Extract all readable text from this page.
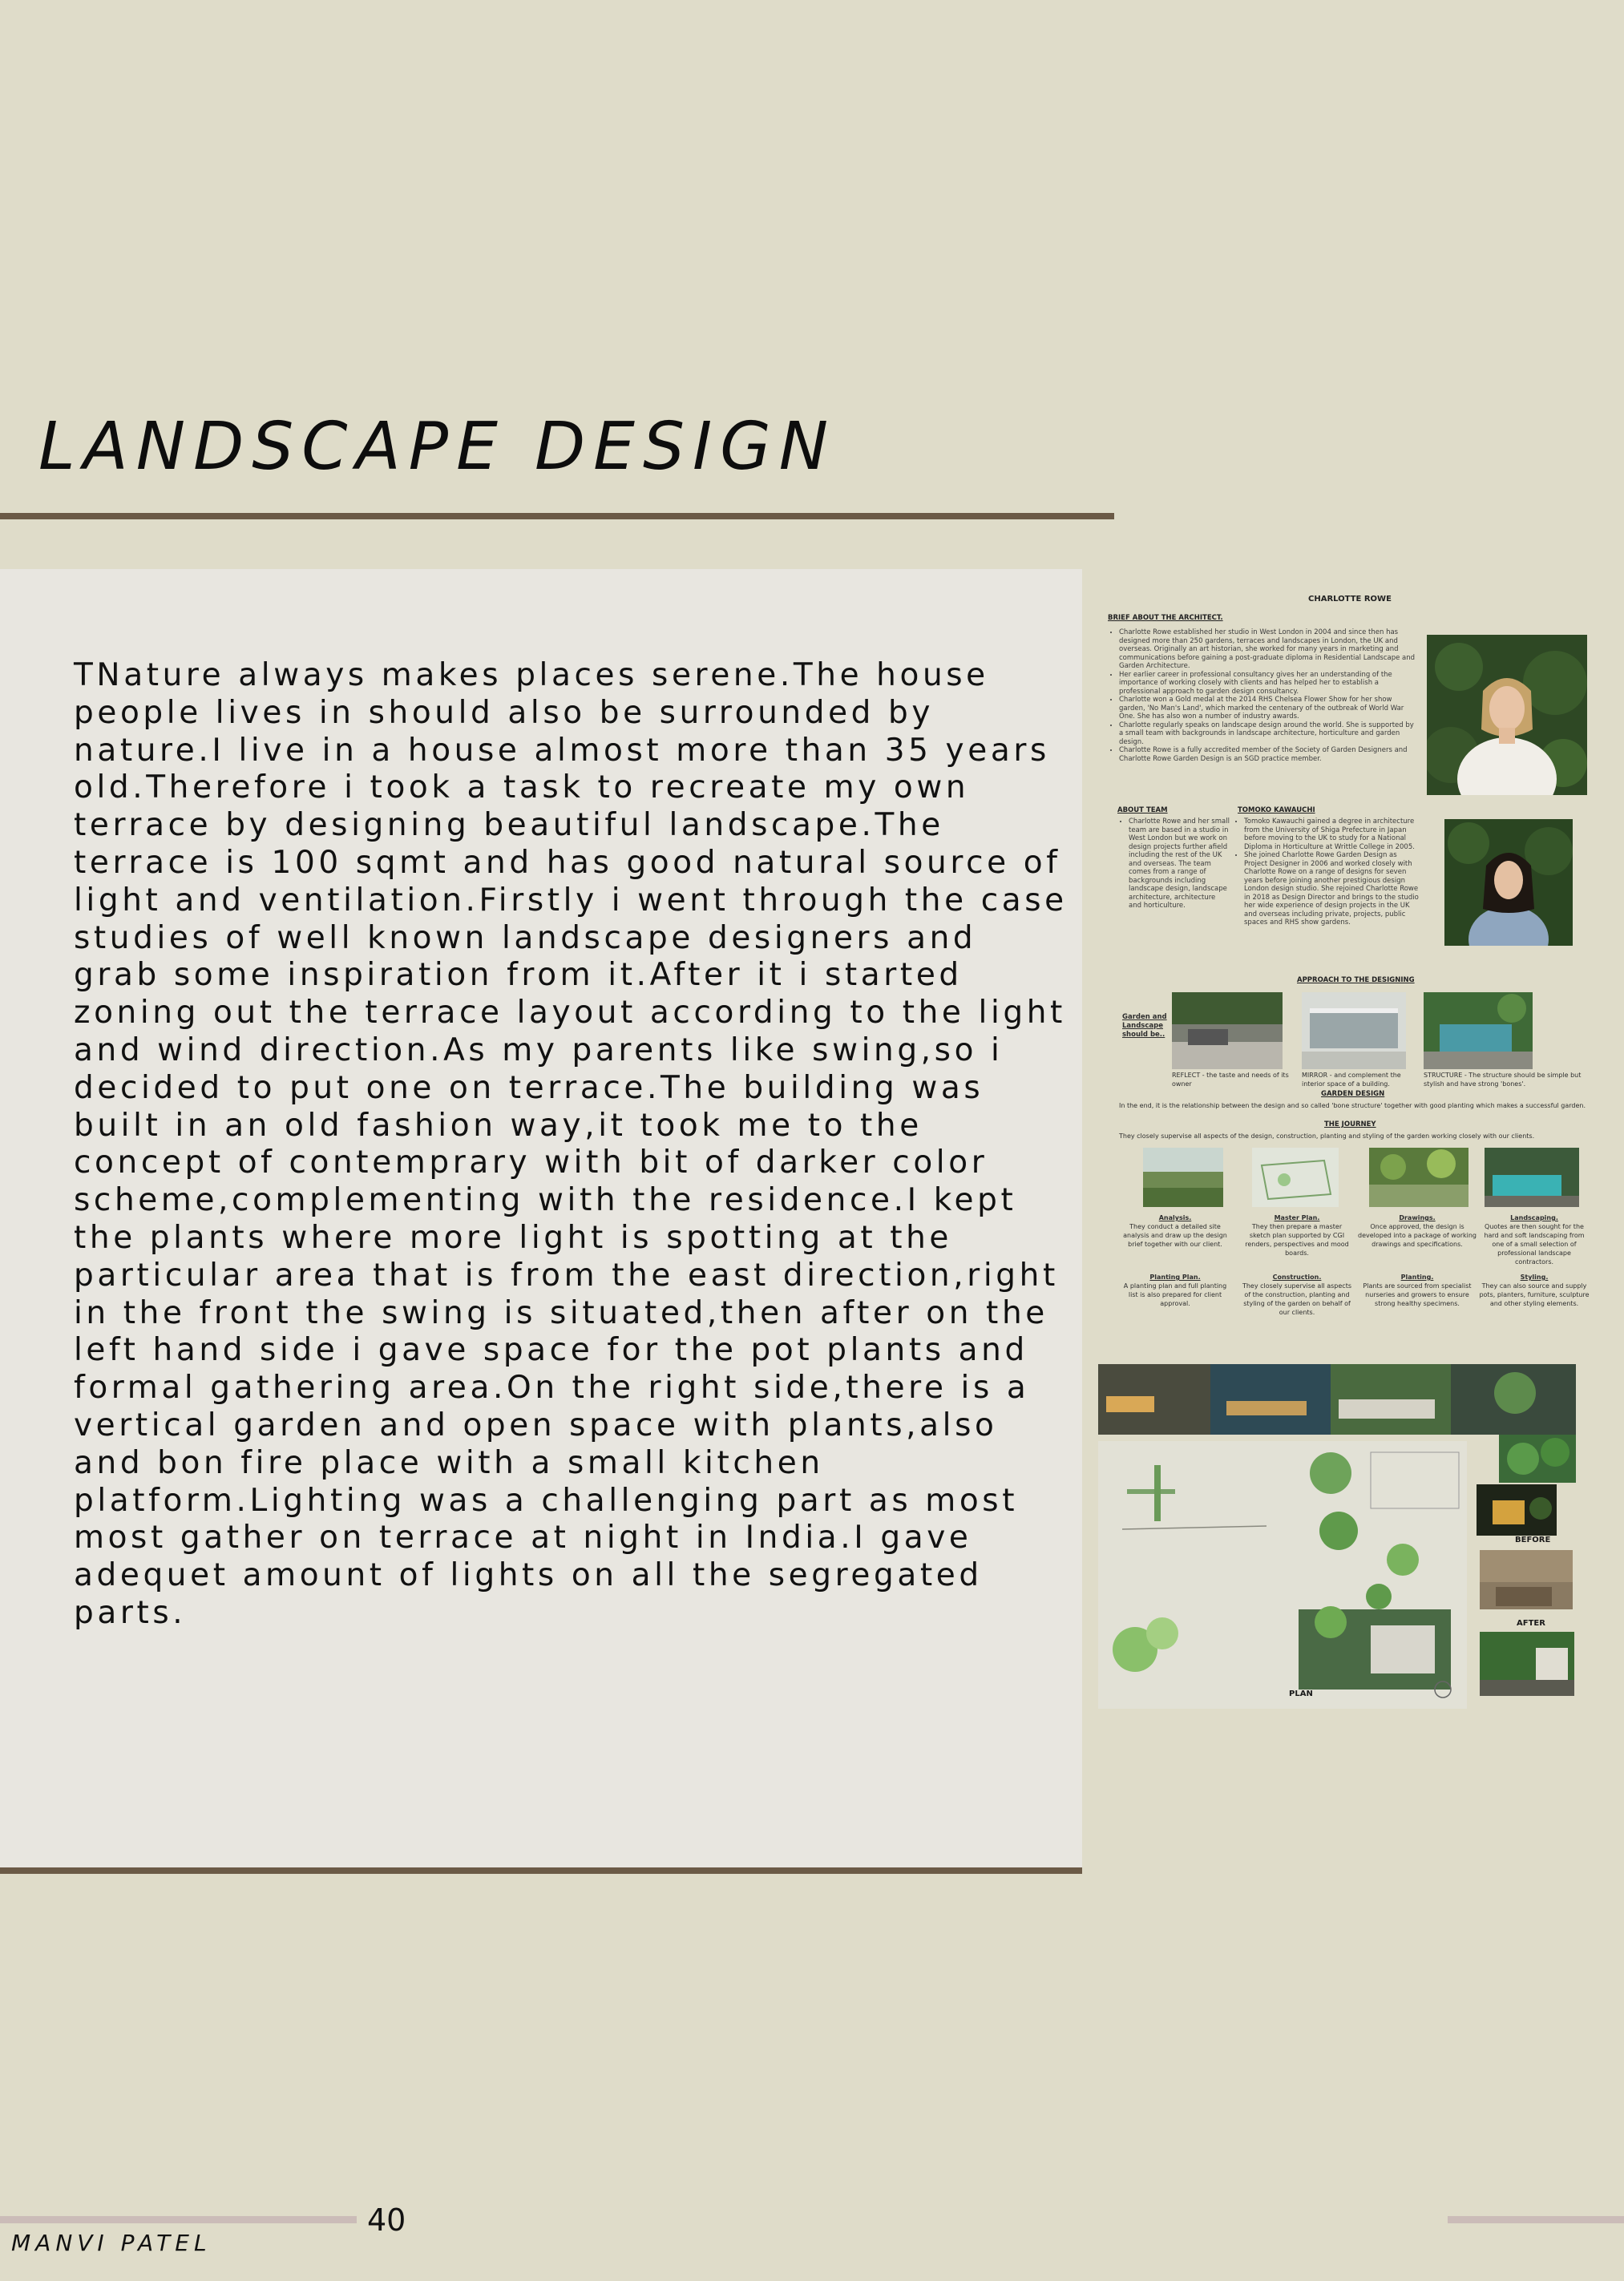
LANDSCAPE DESIGN

TNature always makes places serene.The house people lives in should also be surrounded by nature.I live in a house almost more than 35 years old.Therefore i took a task to recreate my own terrace by designing beautiful landscape.The terrace is 100 sqmt and has good natural source of light and ventilation.Firstly i went through the case studies of well known landscape designers and grab some inspiration from it.After it i started zoning out the terrace layout according to the light and wind direction.As my parents like swing,so i decided to put one on terrace.The building was built in an old fashion way,it took me to the concept of contemprary with bit of darker color scheme,complementing with the residence.I kept the plants where more light is spotting at the particular area that is from the east direction,right in the front the swing is situated,then after on the left hand side i gave space for the pot plants and formal gathering area.On the right side,there is a vertical garden and open space with plants,also and bon fire place with a small kitchen platform.Lighting was a challenging part as most most gather on terrace at night in India.I gave adequet amount of lights on all the segregated parts.

CHARLOTTE ROWE

BRIEF ABOUT THE ARCHITECT.

• Charlotte Rowe established her studio in West London in 2004 and since then has designed more than 250 gardens, terraces and landscapes in London, the UK and overseas. Originally an art historian, she worked for many years in marketing and communications before gaining a post-graduate diploma in Residential Landscape and Garden Architecture.
• Her earlier career in professional consultancy gives her an understanding of the importance of working closely with clients and has helped her to establish a professional approach to garden design consultancy.
• Charlotte won a Gold medal at the 2014 RHS Chelsea Flower Show for her show garden, 'No Man's Land', which marked the centenary of the outbreak of World War One. She has also won a number of industry awards.
• Charlotte regularly speaks on landscape design around the world. She is supported by a small team with backgrounds in landscape architecture, horticulture and garden design.
• Charlotte Rowe is a fully accredited member of the Society of Garden Designers and Charlotte Rowe Garden Design is an SGD practice member.

ABOUT TEAM

• Charlotte Rowe and her small team are based in a studio in West London but we work on design projects further afield including the rest of the UK and overseas. The team comes from a range of backgrounds including landscape design, landscape architecture, architecture and horticulture.

TOMOKO KAWAUCHI

• Tomoko Kawauchi gained a degree in architecture from the University of Shiga Prefecture in Japan before moving to the UK to study for a National Diploma in Horticulture at Writtle College in 2005.
• She joined Charlotte Rowe Garden Design as Project Designer in 2006 and worked closely with Charlotte Rowe on a range of designs for seven years before joining another prestigious design London design studio. She rejoined Charlotte Rowe in 2018 as Design Director and brings to the studio her wide experience of design projects in the UK and overseas including private, projects, public spaces and RHS show gardens.

APPROACH TO THE DESIGNING

Garden and Landscape should be..

REFLECT - the taste and needs of its owner

MIRROR - and complement the interior space of a building.

STRUCTURE - The structure should be simple but stylish and have strong 'bones'.

GARDEN DESIGN

In the end, it is the relationship between the design and so called 'bone structure' together with good planting which makes a successful garden.

THE JOURNEY

They closely supervise all aspects of the design, construction, planting and styling of the garden working closely with our clients.

Analysis.
They conduct a detailed site analysis and draw up the design brief together with our client.
Master Plan.
They then prepare a master sketch plan supported by CGI renders, perspectives and mood boards.
Drawings.
Once approved, the design is developed into a package of working drawings and specifications.
Landscaping.
Quotes are then sought for the hard and soft landscaping from one of a small selection of professional landscape contractors.
Planting Plan.
A planting plan and full planting list is also prepared for client approval.
Construction.
They closely supervise all aspects of the construction, planting and styling of the garden on behalf of our clients.
Planting.
Plants are sourced from specialist nurseries and growers to ensure strong healthy specimens.
Styling.
They can also source and supply pots, planters, furniture, sculpture and other styling elements.

BEFORE

AFTER

PLAN

40

MANVI PATEL
